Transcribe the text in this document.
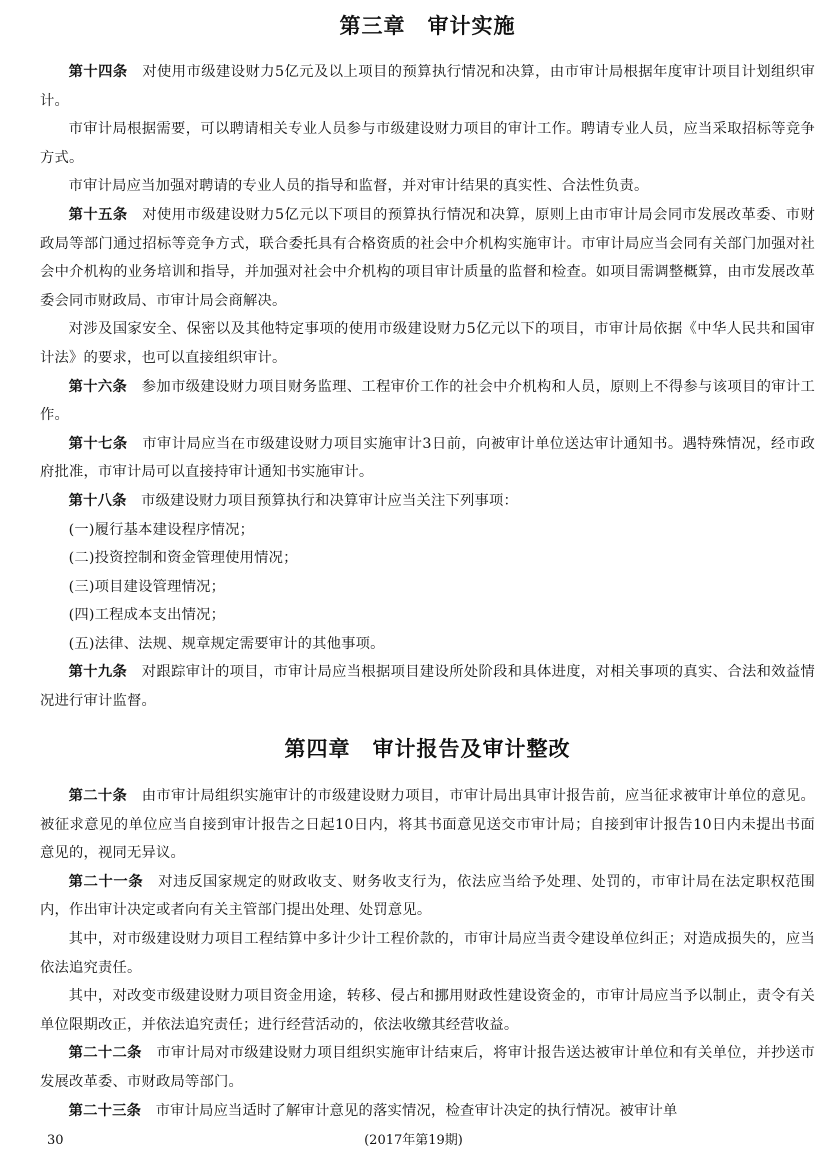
第三章　审计实施

第十四条　对使用市级建设财力5亿元及以上项目的预算执行情况和决算，由市审计局根据年度审计项目计划组织审计。

市审计局根据需要，可以聘请相关专业人员参与市级建设财力项目的审计工作。聘请专业人员，应当采取招标等竞争方式。

市审计局应当加强对聘请的专业人员的指导和监督，并对审计结果的真实性、合法性负责。

第十五条　对使用市级建设财力5亿元以下项目的预算执行情况和决算，原则上由市审计局会同市发展改革委、市财政局等部门通过招标等竞争方式，联合委托具有合格资质的社会中介机构实施审计。市审计局应当会同有关部门加强对社会中介机构的业务培训和指导，并加强对社会中介机构的项目审计质量的监督和检查。如项目需调整概算，由市发展改革委会同市财政局、市审计局会商解决。

对涉及国家安全、保密以及其他特定事项的使用市级建设财力5亿元以下的项目，市审计局依据《中华人民共和国审计法》的要求，也可以直接组织审计。

第十六条　参加市级建设财力项目财务监理、工程审价工作的社会中介机构和人员，原则上不得参与该项目的审计工作。

第十七条　市审计局应当在市级建设财力项目实施审计3日前，向被审计单位送达审计通知书。遇特殊情况，经市政府批准，市审计局可以直接持审计通知书实施审计。

第十八条　市级建设财力项目预算执行和决算审计应当关注下列事项：

(一)履行基本建设程序情况；

(二)投资控制和资金管理使用情况；

(三)项目建设管理情况；

(四)工程成本支出情况；

(五)法律、法规、规章规定需要审计的其他事项。

第十九条　对跟踪审计的项目，市审计局应当根据项目建设所处阶段和具体进度，对相关事项的真实、合法和效益情况进行审计监督。

第四章　审计报告及审计整改

第二十条　由市审计局组织实施审计的市级建设财力项目，市审计局出具审计报告前，应当征求被审计单位的意见。被征求意见的单位应当自接到审计报告之日起10日内，将其书面意见送交市审计局；自接到审计报告10日内未提出书面意见的，视同无异议。

第二十一条　对违反国家规定的财政收支、财务收支行为，依法应当给予处理、处罚的，市审计局在法定职权范围内，作出审计决定或者向有关主管部门提出处理、处罚意见。

其中，对市级建设财力项目工程结算中多计少计工程价款的，市审计局应当责令建设单位纠正；对造成损失的，应当依法追究责任。

其中，对改变市级建设财力项目资金用途，转移、侵占和挪用财政性建设资金的，市审计局应当予以制止，责令有关单位限期改正，并依法追究责任；进行经营活动的，依法收缴其经营收益。

第二十二条　市审计局对市级建设财力项目组织实施审计结束后，将审计报告送达被审计单位和有关单位，并抄送市发展改革委、市财政局等部门。

第二十三条　市审计局应当适时了解审计意见的落实情况，检查审计决定的执行情况。被审计单

30	(2017年第19期)
